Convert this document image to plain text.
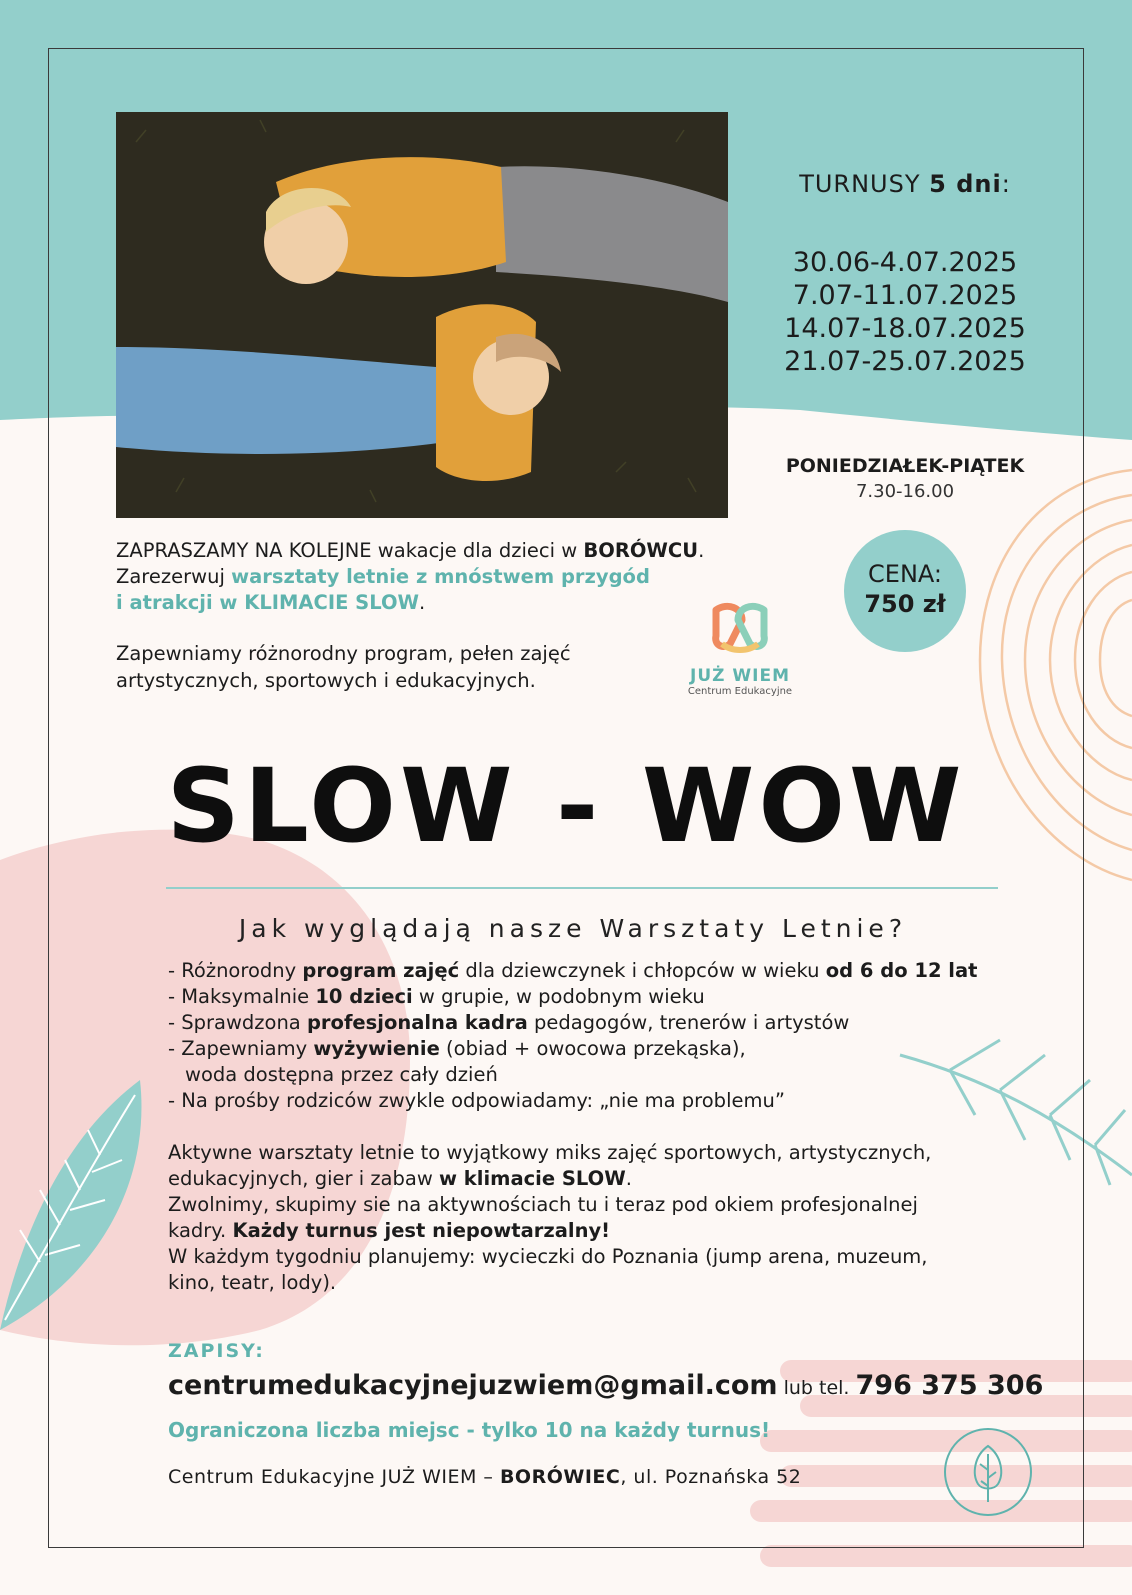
TURNUSY 5 dni:
30.06-4.07.2025
7.07-11.07.2025
14.07-18.07.2025
21.07-25.07.2025
PONIEDZIAŁEK-PIĄTEK
7.30-16.00
CENA:
750 zł
ZAPRASZAMY NA KOLEJNE wakacje dla dzieci w BORÓWCU.
Zarezerwuj warsztaty letnie z mnóstwem przygód
i atrakcji w KLIMACIE SLOW.
Zapewniamy różnorodny program, pełen zajęć artystycznych, sportowych i edukacyjnych.	JUŻ WIEM
Centrum Edukacyjne
SLOW - WOW
Jak wyglądają nasze Warsztaty Letnie?
- Różnorodny program zajęć dla dziewczynek i chłopców w wieku od 6 do 12 lat
- Maksymalnie 10 dzieci w grupie, w podobnym wieku
- Sprawdzona profesjonalna kadra pedagogów, trenerów i artystów
- Zapewniamy wyżywienie (obiad + owocowa przekąska),
woda dostępna przez cały dzień
- Na prośby rodziców zwykle odpowiadamy: „nie ma problemu”
Aktywne warsztaty letnie to wyjątkowy miks zajęć sportowych, artystycznych,
edukacyjnych, gier i zabaw w klimacie SLOW.
Zwolnimy, skupimy sie na aktywnościach tu i teraz pod okiem profesjonalnej
kadry. Każdy turnus jest niepowtarzalny!
W każdym tygodniu planujemy: wycieczki do Poznania (jump arena, muzeum,
kino, teatr, lody).
ZAPISY:
centrumedukacyjnejuzwiem@gmail.com lub tel. 796 375 306
Ograniczona liczba miejsc - tylko 10 na każdy turnus!
Centrum Edukacyjne JUŻ WIEM – BORÓWIEC, ul. Poznańska 52
